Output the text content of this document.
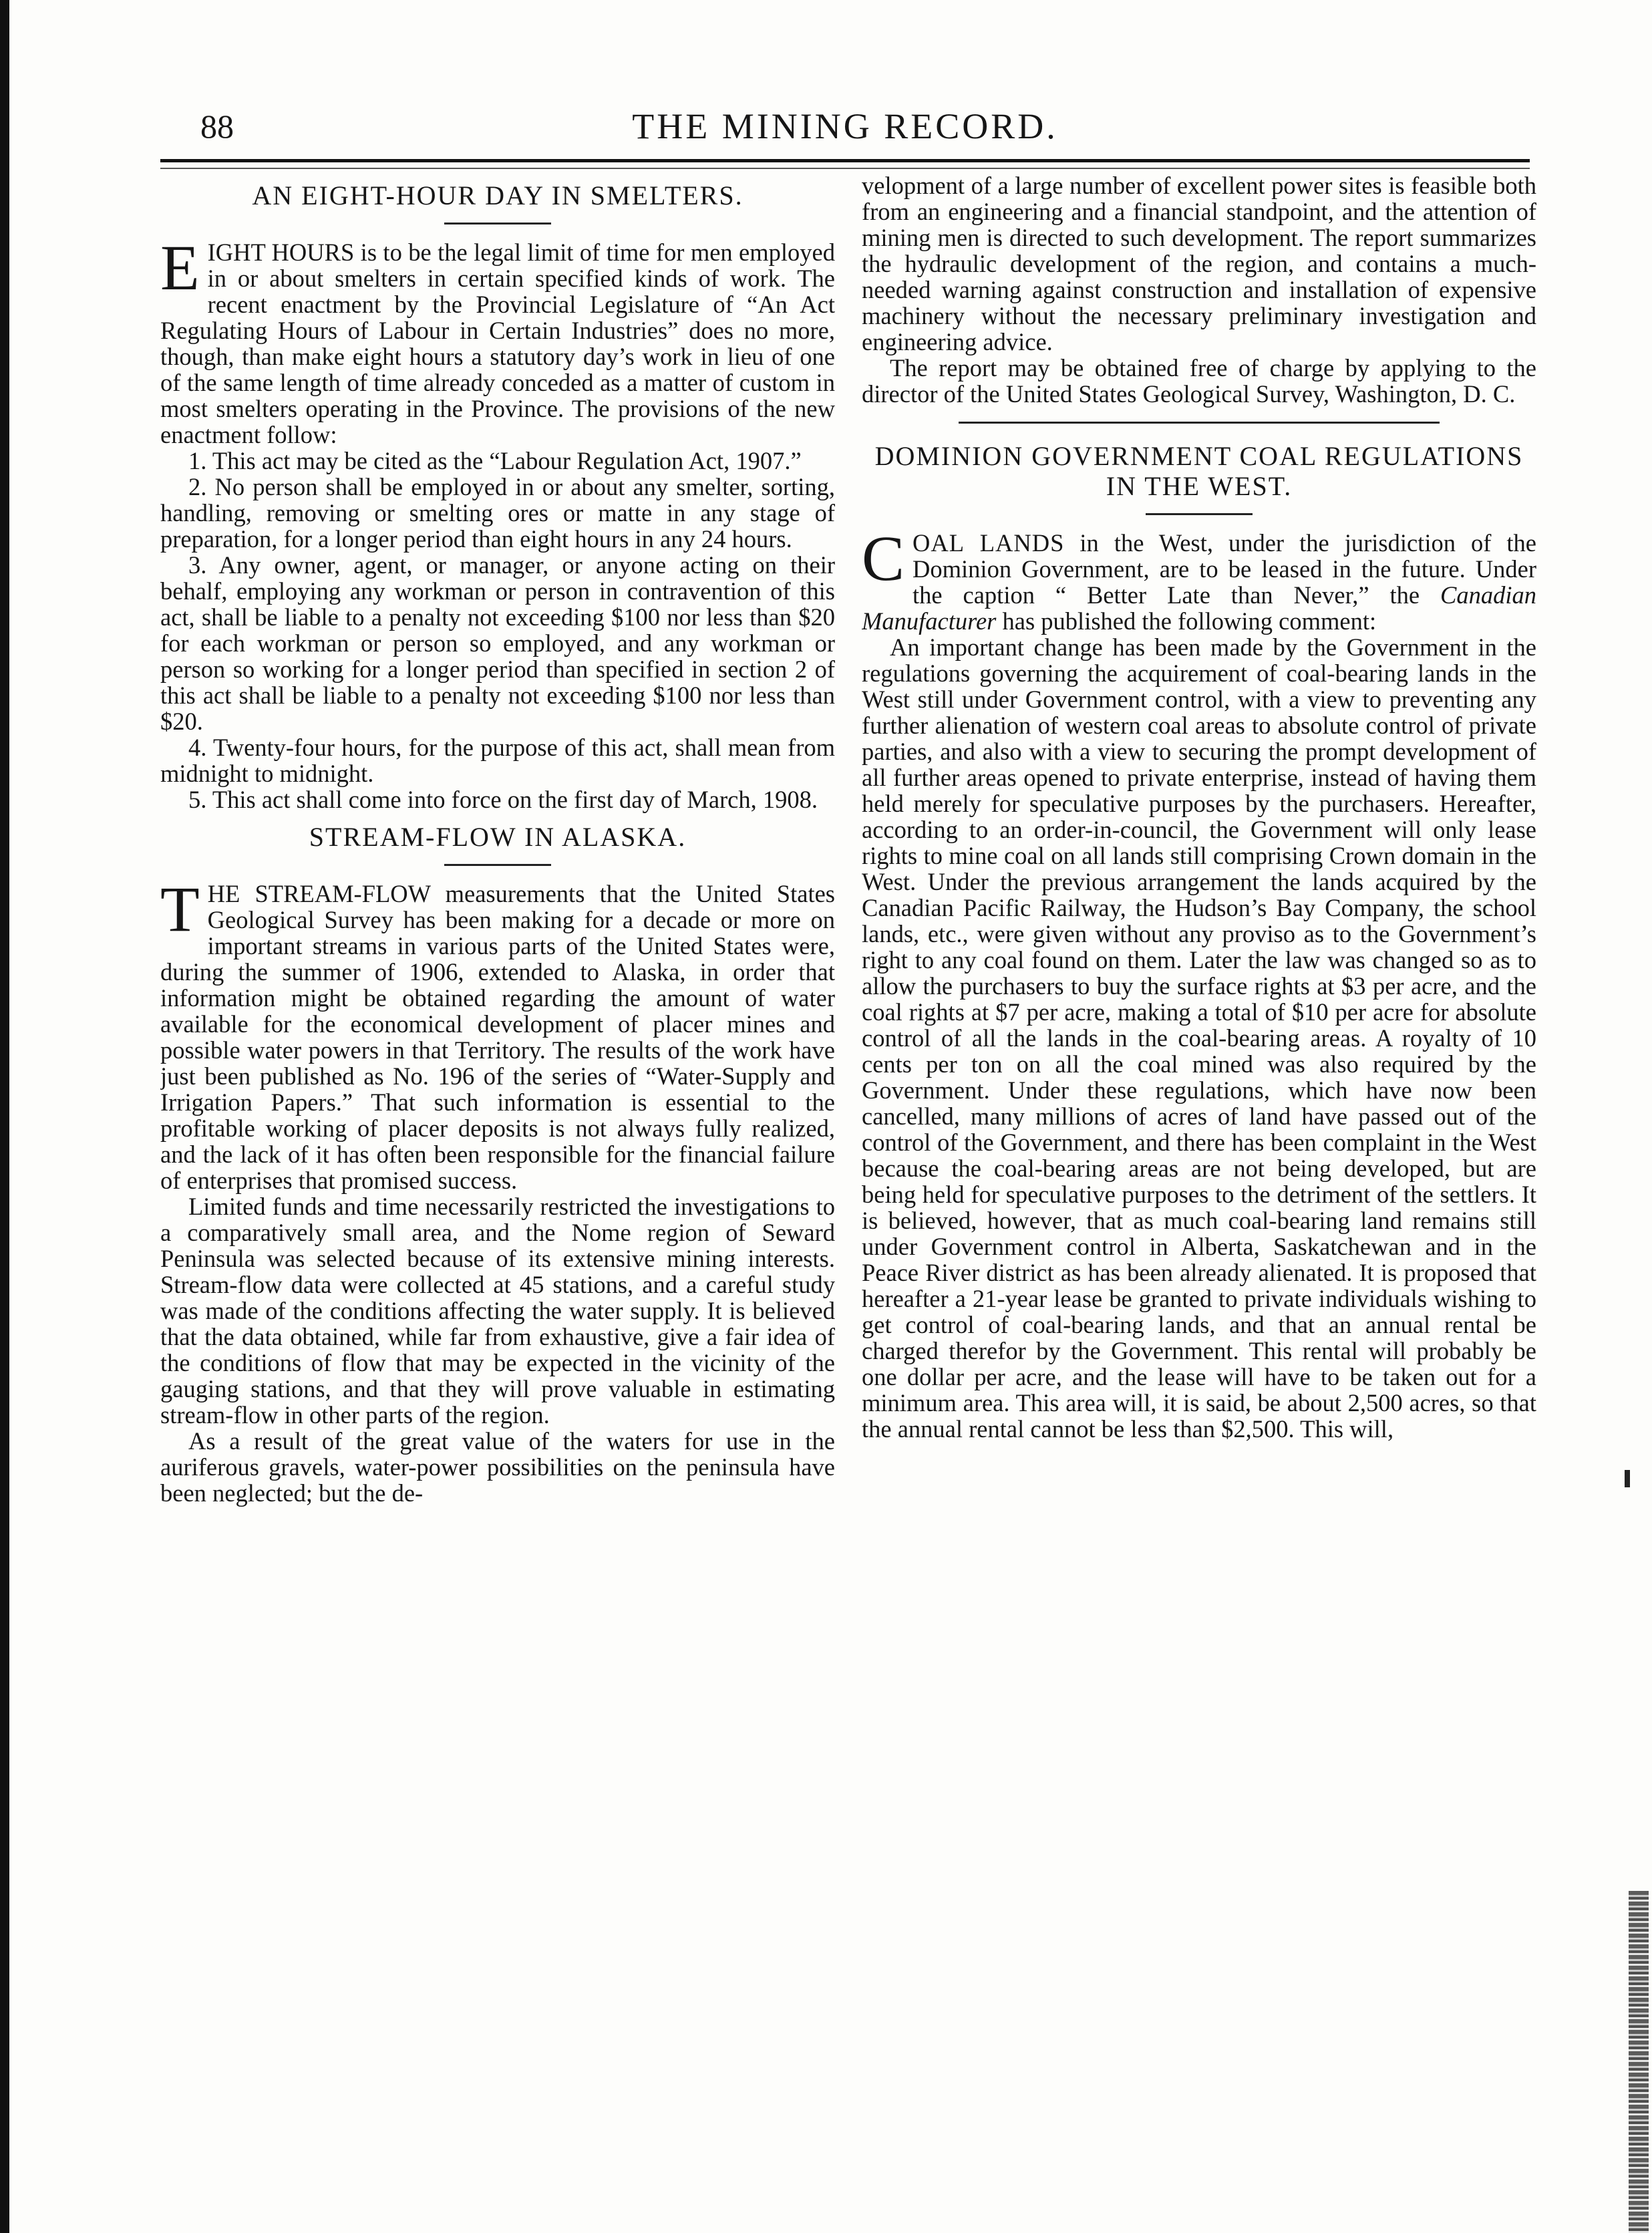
88	THE MINING RECORD.
AN EIGHT-HOUR DAY IN SMELTERS.

EIGHT HOURS is to be the legal limit of time for men employed in or about smelters in certain specified kinds of work. The recent enactment by the Provincial Legislature of “An Act Regulating Hours of Labour in Certain Industries” does no more, though, than make eight hours a statutory day’s work in lieu of one of the same length of time already conceded as a matter of custom in most smelters operating in the Province. The provisions of the new enactment follow:

1. This act may be cited as the “Labour Regulation Act, 1907.”

2. No person shall be employed in or about any smelter, sorting, handling, removing or smelting ores or matte in any stage of preparation, for a longer period than eight hours in any 24 hours.

3. Any owner, agent, or manager, or anyone acting on their behalf, employing any workman or person in contravention of this act, shall be liable to a penalty not exceeding $100 nor less than $20 for each workman or person so employed, and any workman or person so working for a longer period than specified in section 2 of this act shall be liable to a penalty not exceeding $100 nor less than $20.

4. Twenty-four hours, for the purpose of this act, shall mean from midnight to midnight.

5. This act shall come into force on the first day of March, 1908.

STREAM-FLOW IN ALASKA.

THE STREAM-FLOW measurements that the United States Geological Survey has been making for a decade or more on important streams in various parts of the United States were, during the summer of 1906, extended to Alaska, in order that information might be obtained regarding the amount of water available for the economical development of placer mines and possible water powers in that Territory. The results of the work have just been published as No. 196 of the series of “Water-Supply and Irrigation Papers.” That such information is essential to the profitable working of placer deposits is not always fully realized, and the lack of it has often been responsible for the financial failure of enterprises that promised success.

Limited funds and time necessarily restricted the investigations to a comparatively small area, and the Nome region of Seward Peninsula was selected because of its extensive mining interests. Stream-flow data were collected at 45 stations, and a careful study was made of the conditions affecting the water supply. It is believed that the data obtained, while far from exhaustive, give a fair idea of the conditions of flow that may be expected in the vicinity of the gauging stations, and that they will prove valuable in estimating stream-flow in other parts of the region.

As a result of the great value of the waters for use in the auriferous gravels, water-power possibilities on the peninsula have been neglected; but the de-

velopment of a large number of excellent power sites is feasible both from an engineering and a financial standpoint, and the attention of mining men is directed to such development. The report summarizes the hydraulic development of the region, and contains a much-needed warning against construction and installation of expensive machinery without the necessary preliminary investigation and engineering advice.

The report may be obtained free of charge by applying to the director of the United States Geological Survey, Washington, D. C.

DOMINION GOVERNMENT COAL REGULATIONS IN THE WEST.

COAL LANDS in the West, under the jurisdiction of the Dominion Government, are to be leased in the future. Under the caption “ Better Late than Never,” the Canadian Manufacturer has published the following comment:

An important change has been made by the Government in the regulations governing the acquirement of coal-bearing lands in the West still under Government control, with a view to preventing any further alienation of western coal areas to absolute control of private parties, and also with a view to securing the prompt development of all further areas opened to private enterprise, instead of having them held merely for speculative purposes by the purchasers. Hereafter, according to an order-in-council, the Government will only lease rights to mine coal on all lands still comprising Crown domain in the West. Under the previous arrangement the lands acquired by the Canadian Pacific Railway, the Hudson’s Bay Company, the school lands, etc., were given without any proviso as to the Government’s right to any coal found on them. Later the law was changed so as to allow the purchasers to buy the surface rights at $3 per acre, and the coal rights at $7 per acre, making a total of $10 per acre for absolute control of all the lands in the coal-bearing areas. A royalty of 10 cents per ton on all the coal mined was also required by the Government. Under these regulations, which have now been cancelled, many millions of acres of land have passed out of the control of the Government, and there has been complaint in the West because the coal-bearing areas are not being developed, but are being held for speculative purposes to the detriment of the settlers. It is believed, however, that as much coal-bearing land remains still under Government control in Alberta, Saskatchewan and in the Peace River district as has been already alienated. It is proposed that hereafter a 21-year lease be granted to private individuals wishing to get control of coal-bearing lands, and that an annual rental be charged therefor by the Government. This rental will probably be one dollar per acre, and the lease will have to be taken out for a minimum area. This area will, it is said, be about 2,500 acres, so that the annual rental cannot be less than $2,500. This will,
